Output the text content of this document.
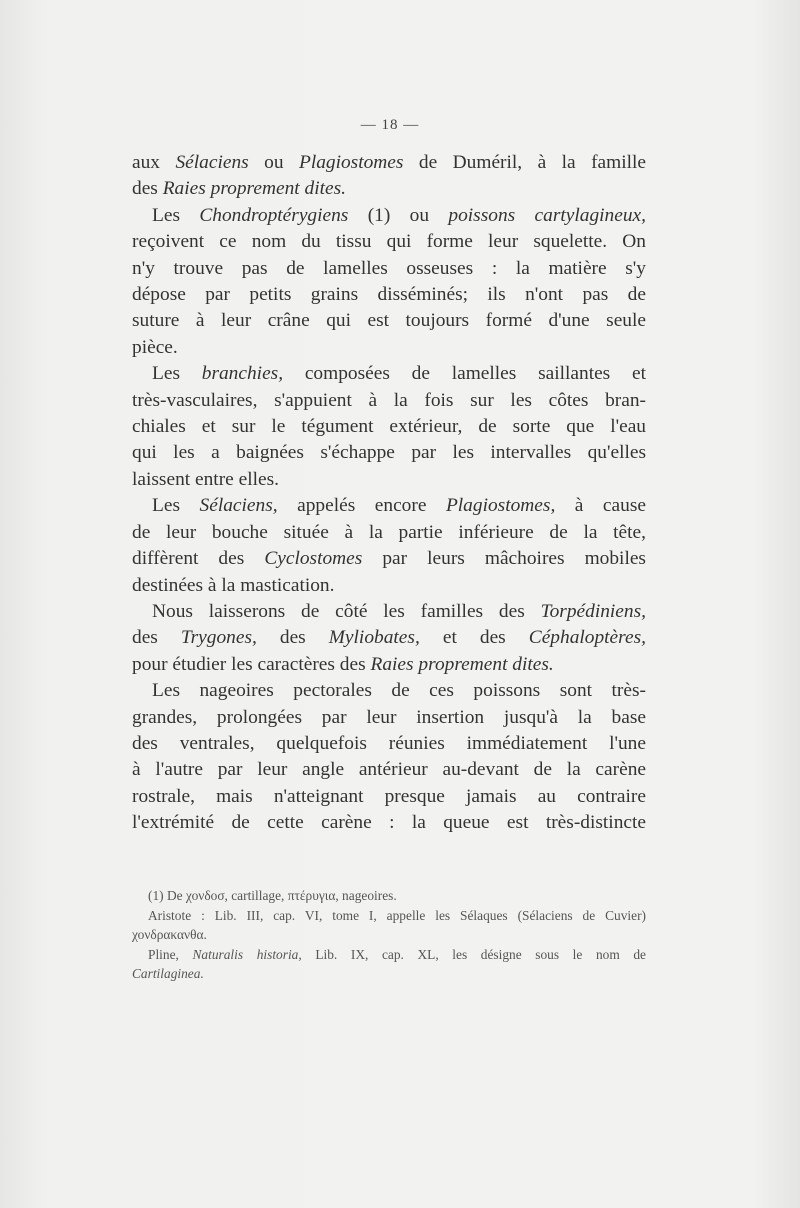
— 18 —
aux Sélaciens ou Plagiostomes de Duméril, à la famille
des Raies proprement dites.
Les Chondroptérygiens (1) ou poissons cartylagineux,
reçoivent ce nom du tissu qui forme leur squelette. On
n'y trouve pas de lamelles osseuses : la matière s'y
dépose par petits grains disséminés; ils n'ont pas de
suture à leur crâne qui est toujours formé d'une seule
pièce.
Les branchies, composées de lamelles saillantes et
très-vasculaires, s'appuient à la fois sur les côtes bran-
chiales et sur le tégument extérieur, de sorte que l'eau
qui les a baignées s'échappe par les intervalles qu'elles
laissent entre elles.
Les Sélaciens, appelés encore Plagiostomes, à cause
de leur bouche située à la partie inférieure de la tête,
diffèrent des Cyclostomes par leurs mâchoires mobiles
destinées à la mastication.
Nous laisserons de côté les familles des Torpédiniens,
des Trygones, des Myliobates, et des Céphaloptères,
pour étudier les caractères des Raies proprement dites.
Les nageoires pectorales de ces poissons sont très-
grandes, prolongées par leur insertion jusqu'à la base
des ventrales, quelquefois réunies immédiatement l'une
à l'autre par leur angle antérieur au-devant de la carène
rostrale, mais n'atteignant presque jamais au contraire
l'extrémité de cette carène : la queue est très-distincte
(1) De χονδοσ, cartillage, πτέρυγια, nageoires.
Aristote : Lib. III, cap. VI, tome I, appelle les Sélaques (Sélaciens de Cuvier)
χονδρακανθα.
Pline, Naturalis historia, Lib. IX, cap. XL, les désigne sous le nom de
Cartilaginea.
